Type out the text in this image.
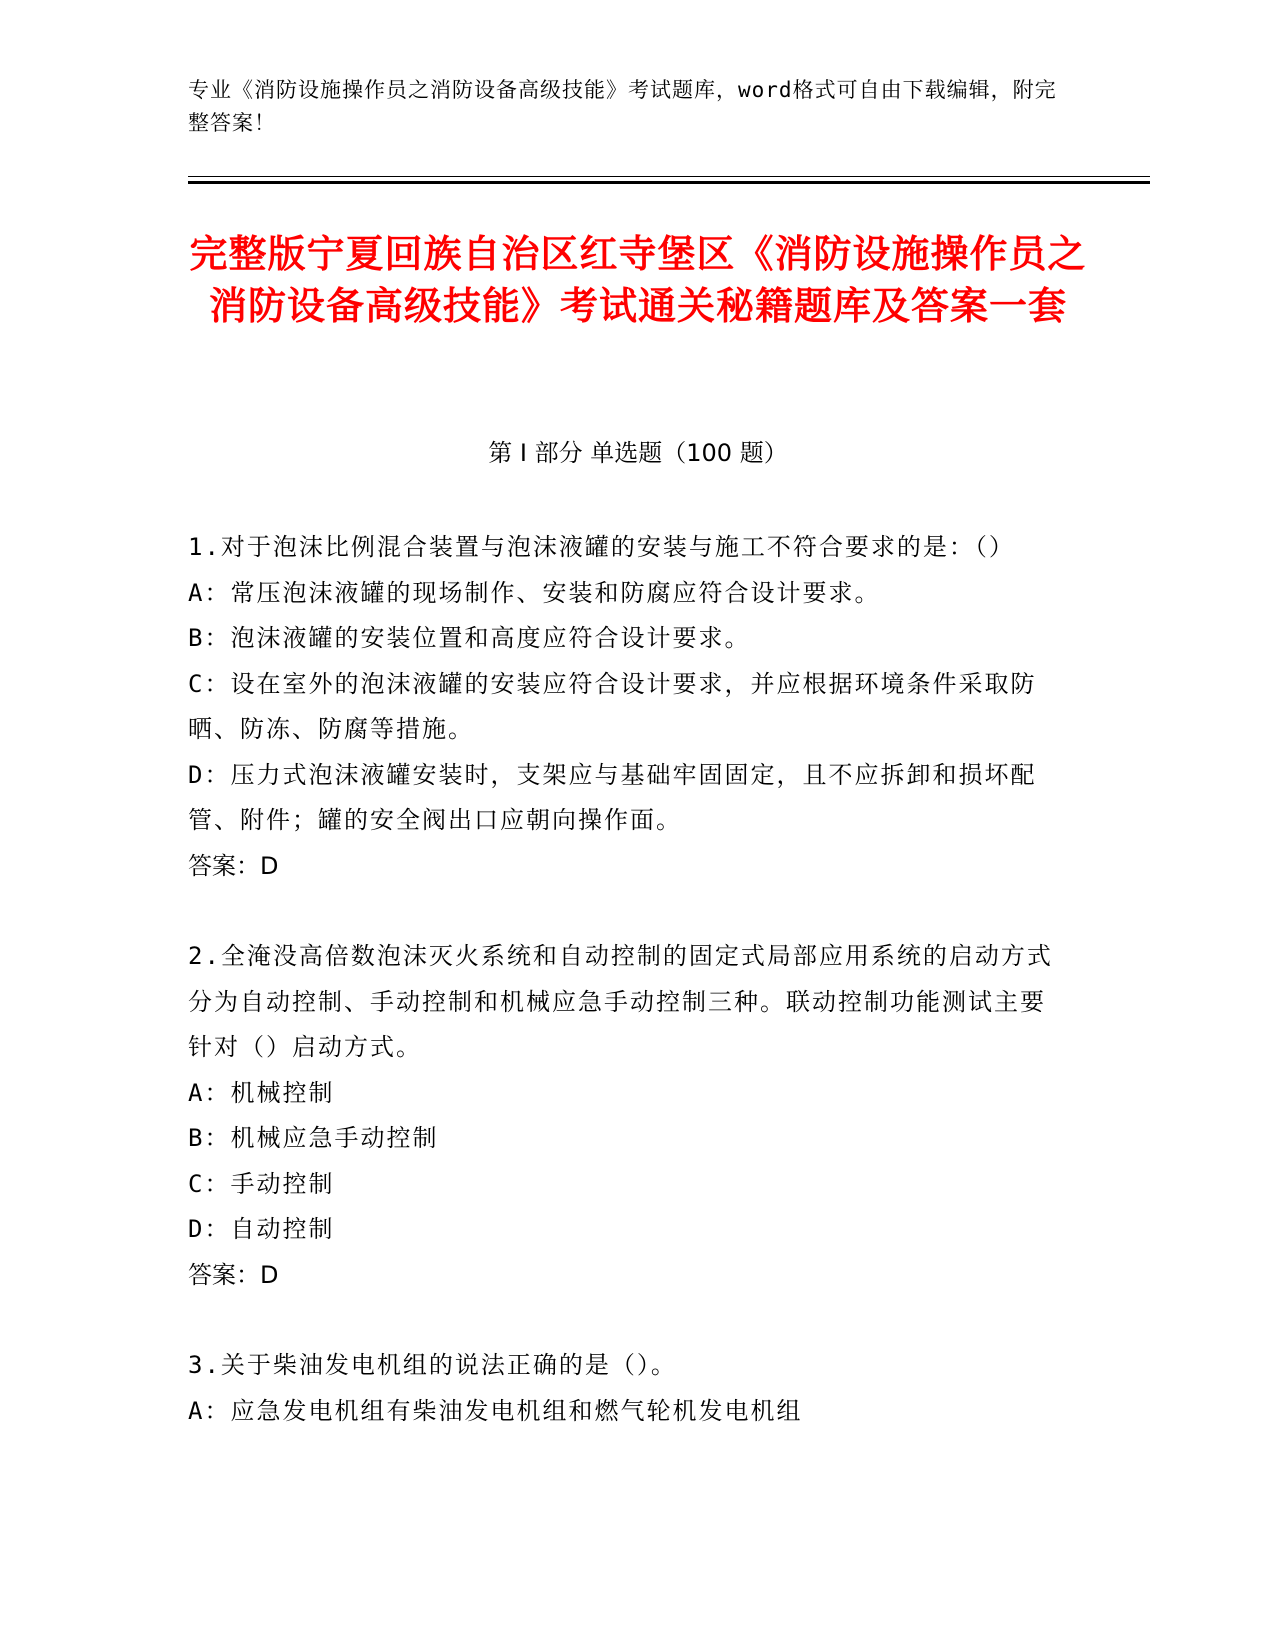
专业《消防设施操作员之消防设备高级技能》考试题库，word格式可自由下载编辑，附完整答案！
完整版宁夏回族自治区红寺堡区《消防设施操作员之消防设备高级技能》考试通关秘籍题库及答案一套
第 I 部分 单选题（100 题）
1.对于泡沫比例混合装置与泡沫液罐的安装与施工不符合要求的是：（）
A：常压泡沫液罐的现场制作、安装和防腐应符合设计要求。
B：泡沫液罐的安装位置和高度应符合设计要求。
C：设在室外的泡沫液罐的安装应符合设计要求，并应根据环境条件采取防晒、防冻、防腐等措施。
D：压力式泡沫液罐安装时，支架应与基础牢固固定，且不应拆卸和损坏配管、附件；罐的安全阀出口应朝向操作面。
答案：D
2.全淹没高倍数泡沫灭火系统和自动控制的固定式局部应用系统的启动方式分为自动控制、手动控制和机械应急手动控制三种。联动控制功能测试主要针对（）启动方式。
A：机械控制
B：机械应急手动控制
C：手动控制
D：自动控制
答案：D
3.关于柴油发电机组的说法正确的是（）。
A：应急发电机组有柴油发电机组和燃气轮机发电机组
